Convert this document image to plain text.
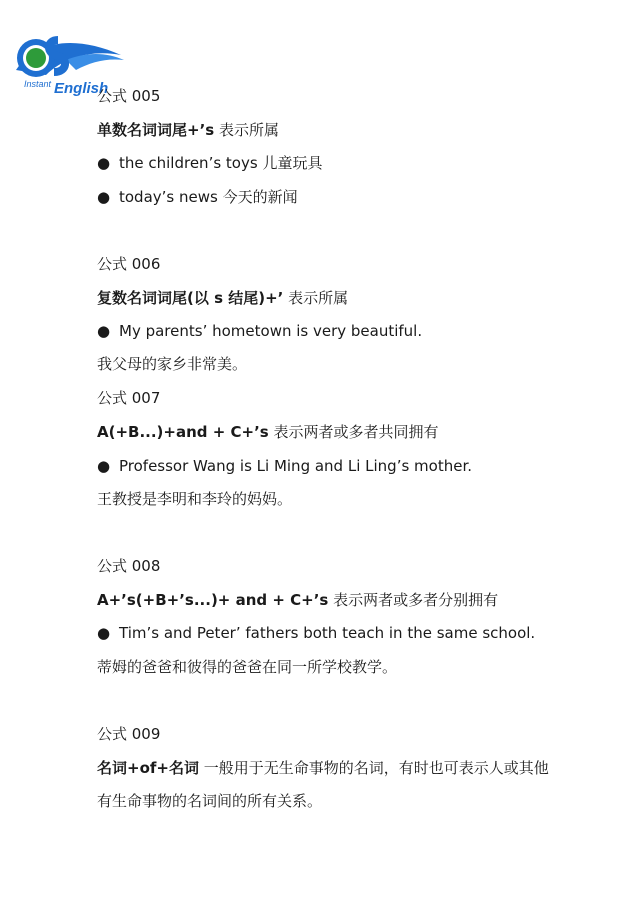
Instant English
公式 005
单数名词词尾+’s 表示所属
● the children’s toys 儿童玩具
● today’s news 今天的新闻
公式 006
复数名词词尾(以 s 结尾)+’ 表示所属
● My parents’ hometown is very beautiful.
我父母的家乡非常美。
公式 007
A(+B...)+and + C+’s 表示两者或多者共同拥有
● Professor Wang is Li Ming and Li Ling’s mother.
王教授是李明和李玲的妈妈。
公式 008
A+’s(+B+’s...)+ and + C+’s 表示两者或多者分别拥有
● Tim’s and Peter’ fathers both teach in the same school.
蒂姆的爸爸和彼得的爸爸在同一所学校教学。
公式 009
名词+of+名词 一般用于无生命事物的名词，有时也可表示人或其他
有生命事物的名词间的所有关系。
